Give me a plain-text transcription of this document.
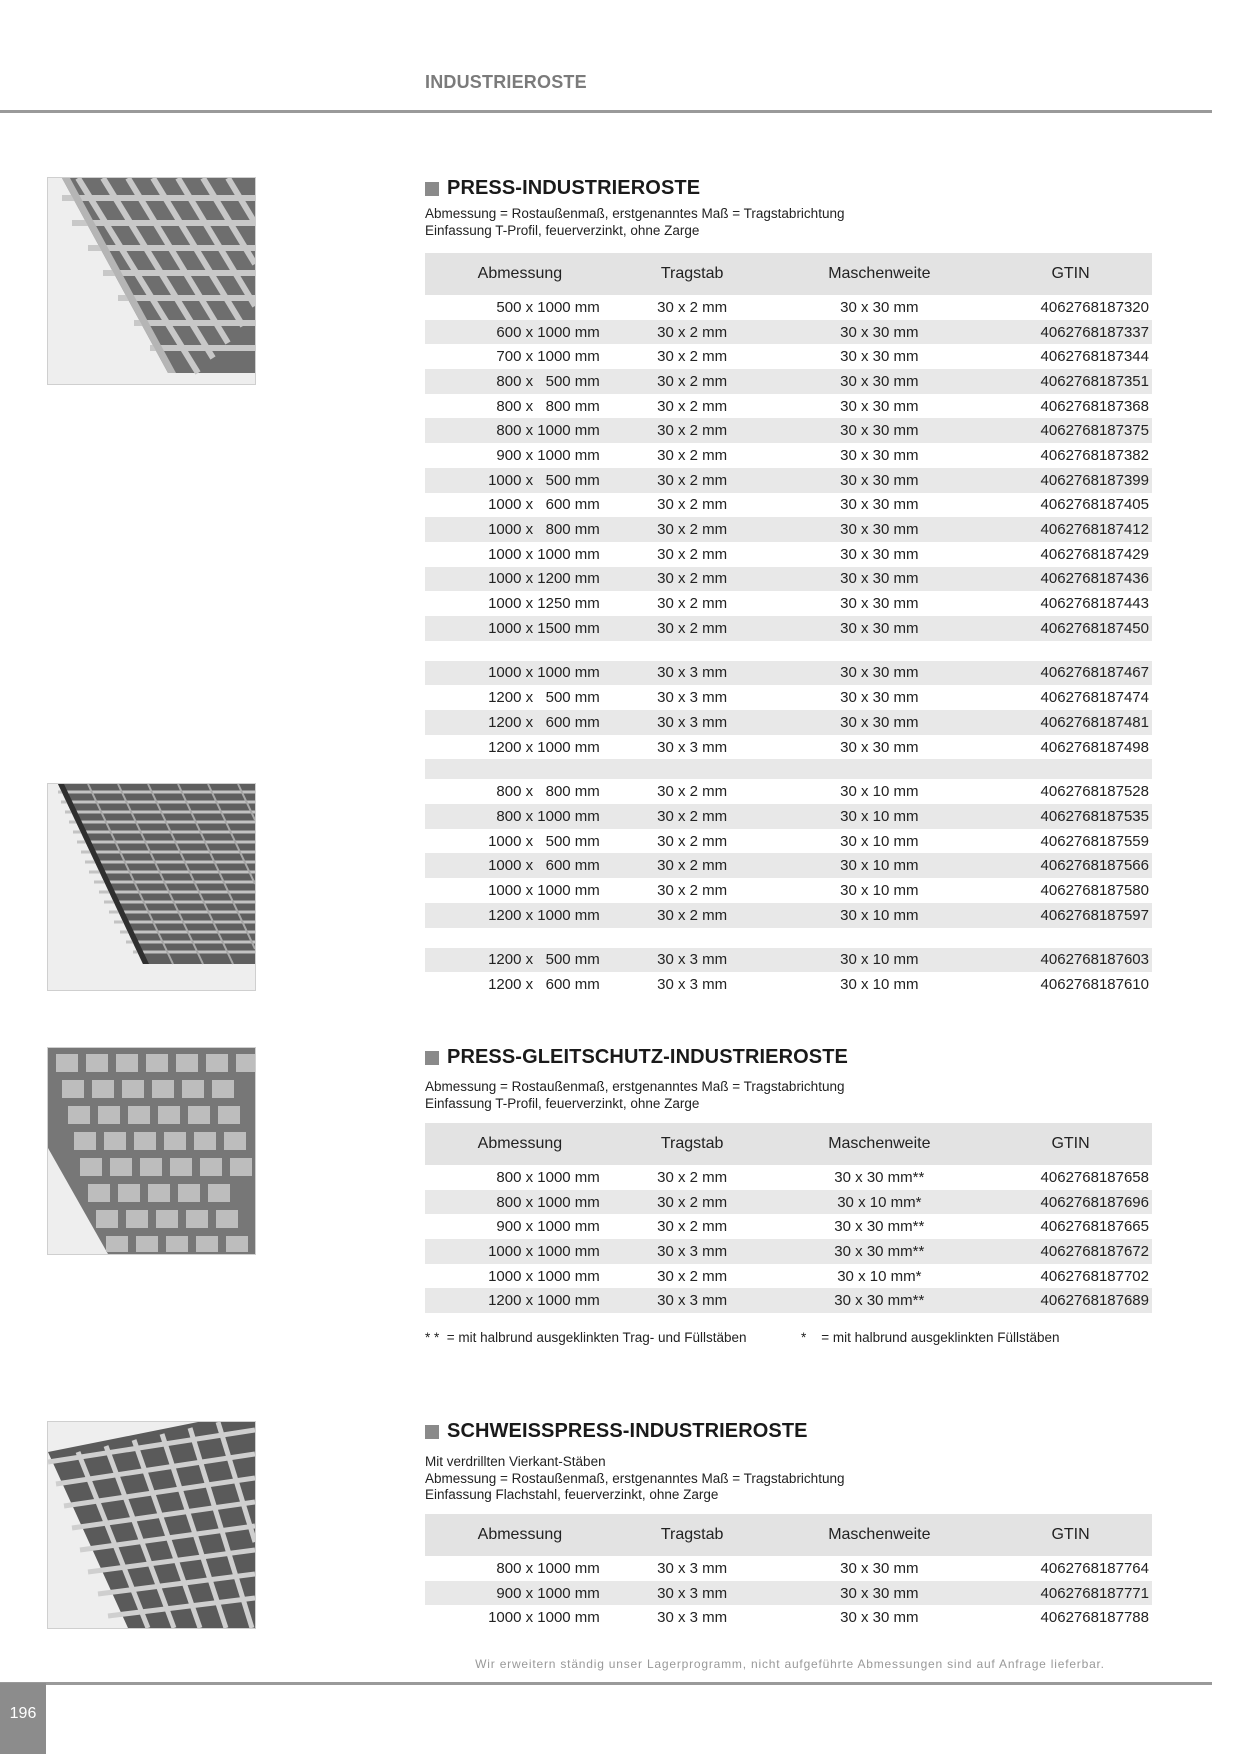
INDUSTRIEROSTE
PRESS-INDUSTRIEROSTE
Abmessung = Rostaußenmaß, erstgenanntes Maß = Tragstabrichtung
Einfassung T-Profil, feuerverzinkt, ohne Zarge
Abmessung	Tragstab	Maschenweite	GTIN
500 x 1000 mm	30 x 2 mm	30 x 30 mm	4062768187320
600 x 1000 mm	30 x 2 mm	30 x 30 mm	4062768187337
700 x 1000 mm	30 x 2 mm	30 x 30 mm	4062768187344
800 x   500 mm	30 x 2 mm	30 x 30 mm	4062768187351
800 x   800 mm	30 x 2 mm	30 x 30 mm	4062768187368
800 x 1000 mm	30 x 2 mm	30 x 30 mm	4062768187375
900 x 1000 mm	30 x 2 mm	30 x 30 mm	4062768187382
1000 x   500 mm	30 x 2 mm	30 x 30 mm	4062768187399
1000 x   600 mm	30 x 2 mm	30 x 30 mm	4062768187405
1000 x   800 mm	30 x 2 mm	30 x 30 mm	4062768187412
1000 x 1000 mm	30 x 2 mm	30 x 30 mm	4062768187429
1000 x 1200 mm	30 x 2 mm	30 x 30 mm	4062768187436
1000 x 1250 mm	30 x 2 mm	30 x 30 mm	4062768187443
1000 x 1500 mm	30 x 2 mm	30 x 30 mm	4062768187450

1000 x 1000 mm	30 x 3 mm	30 x 30 mm	4062768187467
1200 x   500 mm	30 x 3 mm	30 x 30 mm	4062768187474
1200 x   600 mm	30 x 3 mm	30 x 30 mm	4062768187481
1200 x 1000 mm	30 x 3 mm	30 x 30 mm	4062768187498

800 x   800 mm	30 x 2 mm	30 x 10 mm	4062768187528
800 x 1000 mm	30 x 2 mm	30 x 10 mm	4062768187535
1000 x   500 mm	30 x 2 mm	30 x 10 mm	4062768187559
1000 x   600 mm	30 x 2 mm	30 x 10 mm	4062768187566
1000 x 1000 mm	30 x 2 mm	30 x 10 mm	4062768187580
1200 x 1000 mm	30 x 2 mm	30 x 10 mm	4062768187597

1200 x   500 mm	30 x 3 mm	30 x 10 mm	4062768187603
1200 x   600 mm	30 x 3 mm	30 x 10 mm	4062768187610
PRESS-GLEITSCHUTZ-INDUSTRIEROSTE
Abmessung = Rostaußenmaß, erstgenanntes Maß = Tragstabrichtung
Einfassung T-Profil, feuerverzinkt, ohne Zarge
Abmessung	Tragstab	Maschenweite	GTIN
800 x 1000 mm	30 x 2 mm	30 x 30 mm**	4062768187658
800 x 1000 mm	30 x 2 mm	30 x 10 mm*	4062768187696
900 x 1000 mm	30 x 2 mm	30 x 30 mm**	4062768187665
1000 x 1000 mm	30 x 3 mm	30 x 30 mm**	4062768187672
1000 x 1000 mm	30 x 2 mm	30 x 10 mm*	4062768187702
1200 x 1000 mm	30 x 3 mm	30 x 30 mm**	4062768187689
* *  = mit halbrund ausgeklinkten Trag- und Füllstäben	*    = mit halbrund ausgeklinkten Füllstäben
SCHWEISSPRESS-INDUSTRIEROSTE
Mit verdrillten Vierkant-Stäben
Abmessung = Rostaußenmaß, erstgenanntes Maß = Tragstabrichtung
Einfassung Flachstahl, feuerverzinkt, ohne Zarge
Abmessung	Tragstab	Maschenweite	GTIN
800 x 1000 mm	30 x 3 mm	30 x 30 mm	4062768187764
900 x 1000 mm	30 x 3 mm	30 x 30 mm	4062768187771
1000 x 1000 mm	30 x 3 mm	30 x 30 mm	4062768187788
Wir erweitern ständig unser Lagerprogramm, nicht aufgeführte Abmessungen sind auf Anfrage lieferbar.
196
